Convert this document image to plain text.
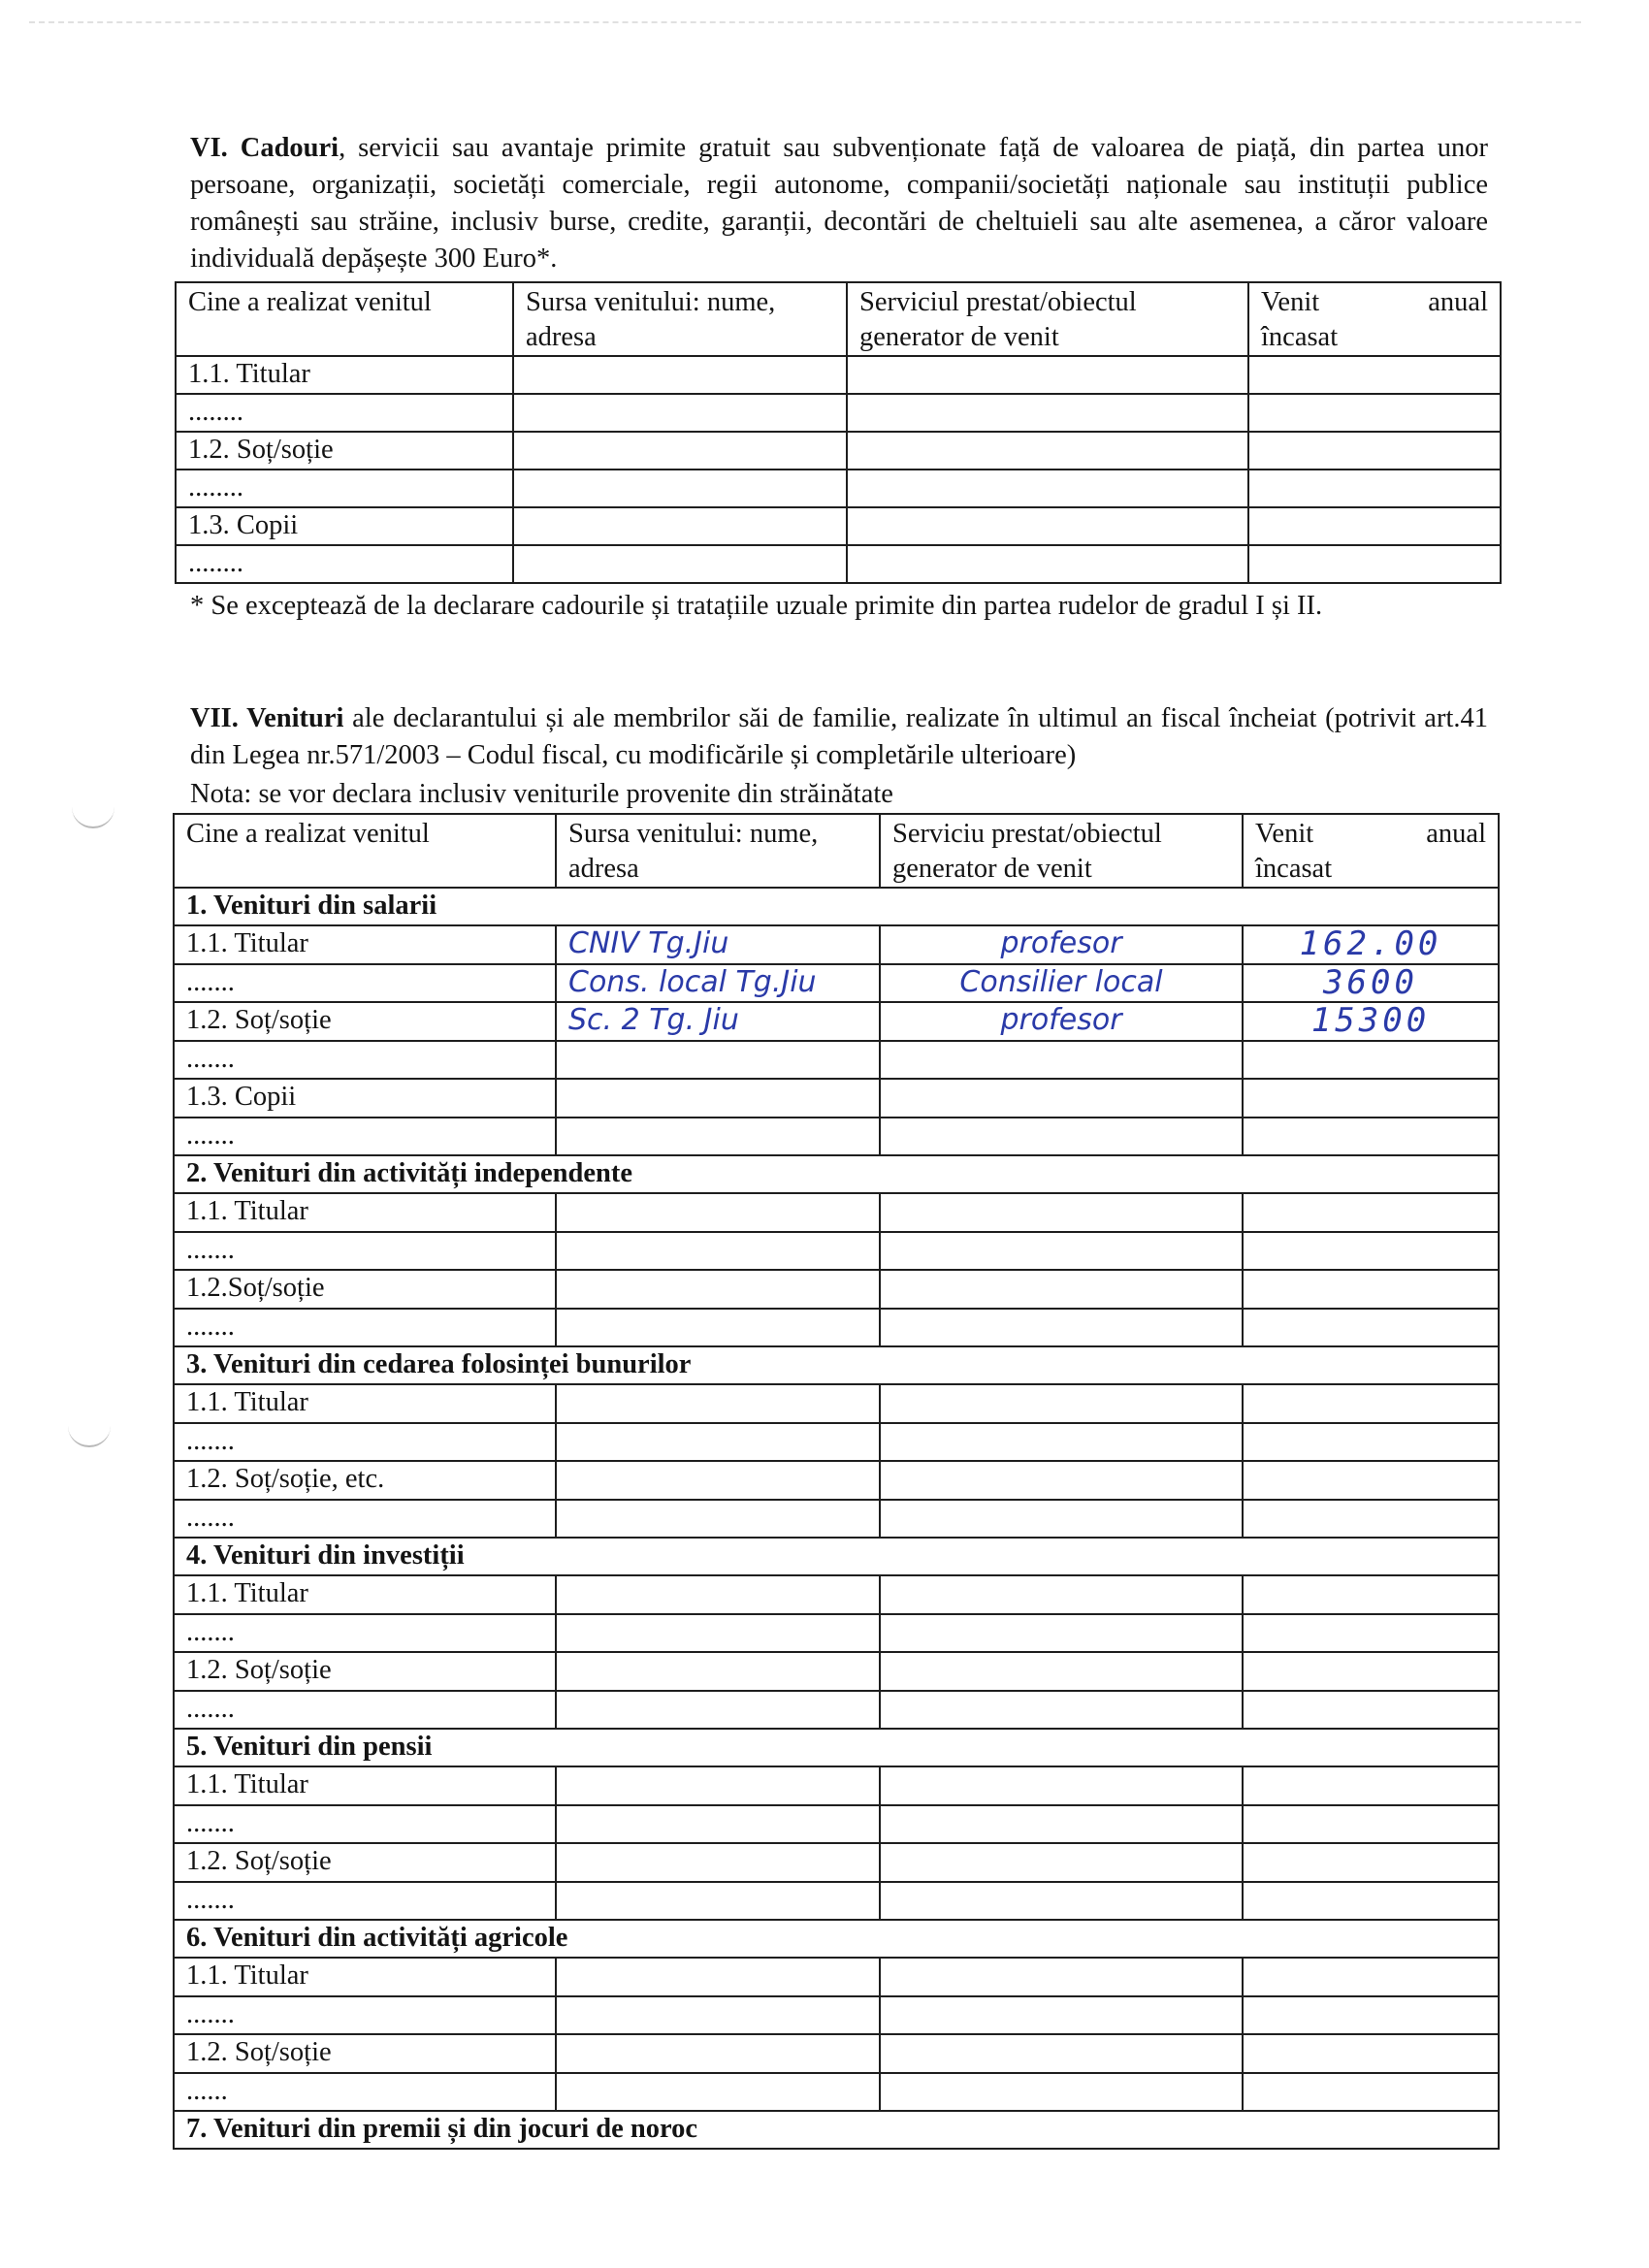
VI. Cadouri, servicii sau avantaje primite gratuit sau subvenționate față de valoarea de piață, din partea unor persoane, organizații, societăți comerciale, regii autonome, companii/societăți naționale sau instituții publice românești sau străine, inclusiv burse, credite, garanții, decontări de cheltuieli sau alte asemenea, a căror valoare individuală depășește 300 Euro*.
Cine a realizat venitul	Sursa venitului: nume, adresa	Serviciul prestat/obiectul generator de venit	Venit anual
încasat

1.1. Titular			
........			
1.2. Soț/soție			
........			
1.3. Copii			
........			
* Se exceptează de la declarare cadourile și tratațiile uzuale primite din partea rudelor de gradul I și II.
VII. Venituri ale declarantului și ale membrilor săi de familie, realizate în ultimul an fiscal încheiat (potrivit art.41 din Legea nr.571/2003 – Codul fiscal, cu modificările și completările ulterioare)
Nota: se vor declara inclusiv veniturile provenite din străinătate
Cine a realizat venitul	Sursa venitului: nume, adresa	Serviciu prestat/obiectul generator de venit	Venit anual
încasat

1. Venituri din salarii			
1.1. Titular	CNIV Tg.Jiu	profesor	162.00

.......	Cons. local Tg.Jiu	Consilier local	3600

1.2. Soț/soție	Sc. 2 Tg. Jiu	profesor	15300

.......			
1.3. Copii			
.......			
2. Venituri din activități independente			
1.1. Titular			
.......			
1.2.Soț/soție			
.......			
3. Venituri din cedarea folosinței bunurilor			
1.1. Titular			
.......			
1.2. Soț/soție, etc.			
.......			
4. Venituri din investiții			
1.1. Titular			
.......			
1.2. Soț/soție			
.......			
5. Venituri din pensii			
1.1. Titular			
.......			
1.2. Soț/soție			
.......			
6. Venituri din activități agricole			
1.1. Titular			
.......			
1.2. Soț/soție			
......			
7. Venituri din premii și din jocuri de noroc			
